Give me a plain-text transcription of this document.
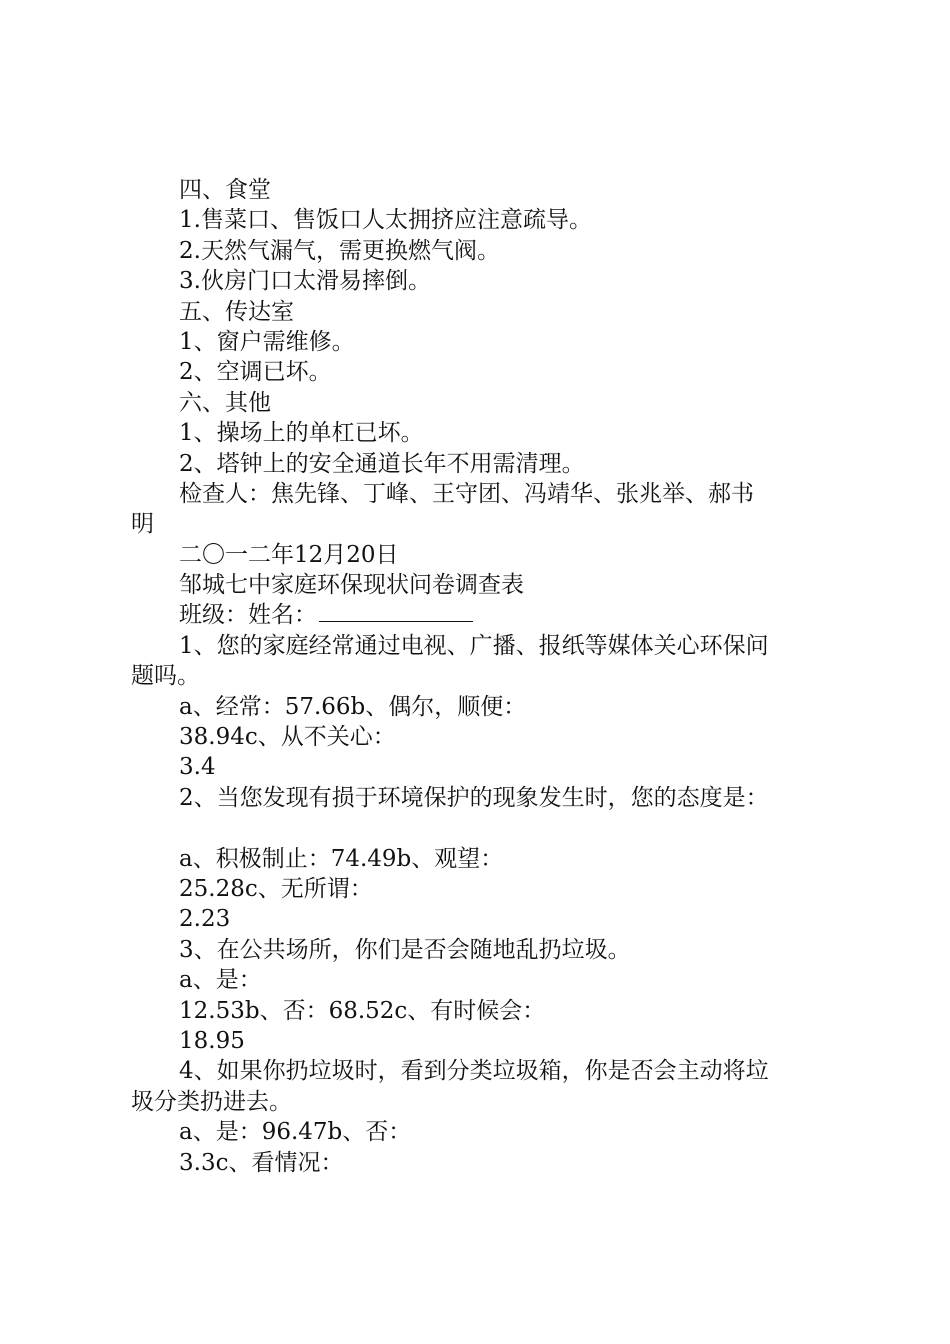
四、食堂
1.售菜口、售饭口人太拥挤应注意疏导。
2.天然气漏气，需更换燃气阀。
3.伙房门口太滑易摔倒。
五、传达室
1、窗户需维修。
2、空调已坏。
六、其他
1、操场上的单杠已坏。
2、塔钟上的安全通道长年不用需清理。
检查人：焦先锋、丁峰、王守团、冯靖华、张兆举、郝书
明
二〇一二年12月20日
邹城七中家庭环保现状问卷调查表
班级：姓名：
1、您的家庭经常通过电视、广播、报纸等媒体关心环保问
题吗。
a、经常：57.66b、偶尔，顺便：
38.94c、从不关心：
3.4
2、当您发现有损于环境保护的现象发生时，您的态度是：
a、积极制止：74.49b、观望：
25.28c、无所谓：
2.23
3、在公共场所，你们是否会随地乱扔垃圾。
a、是：
12.53b、否：68.52c、有时候会：
18.95
4、如果你扔垃圾时，看到分类垃圾箱，你是否会主动将垃
圾分类扔进去。
a、是：96.47b、否：
3.3c、看情况：
